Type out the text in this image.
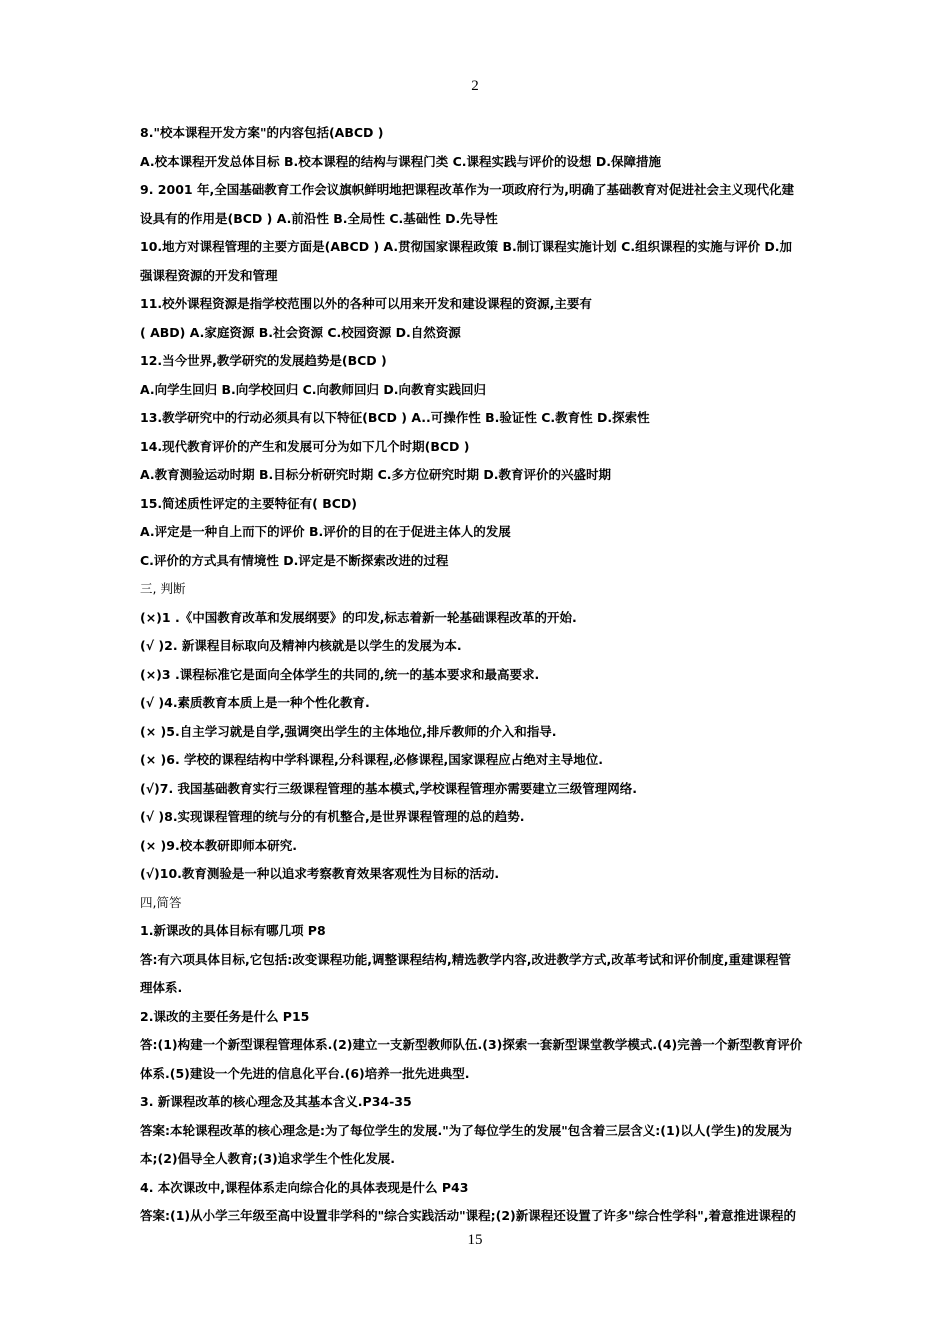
2
8."校本课程开发方案"的内容包括(ABCD )
A.校本课程开发总体目标 B.校本课程的结构与课程门类 C.课程实践与评价的设想 D.保障措施
9. 2001 年,全国基础教育工作会议旗帜鲜明地把课程改革作为一项政府行为,明确了基础教育对促进社会主义现代化建
设具有的作用是(BCD ) A.前沿性 B.全局性 C.基础性 D.先导性
10.地方对课程管理的主要方面是(ABCD ) A.贯彻国家课程政策 B.制订课程实施计划 C.组织课程的实施与评价 D.加
强课程资源的开发和管理
11.校外课程资源是指学校范围以外的各种可以用来开发和建设课程的资源,主要有
( ABD) A.家庭资源 B.社会资源 C.校园资源 D.自然资源
12.当今世界,教学研究的发展趋势是(BCD )
A.向学生回归 B.向学校回归 C.向教师回归 D.向教育实践回归
13.教学研究中的行动必须具有以下特征(BCD ) A..可操作性 B.验证性 C.教育性 D.探索性
14.现代教育评价的产生和发展可分为如下几个时期(BCD )
A.教育测验运动时期 B.目标分析研究时期 C.多方位研究时期 D.教育评价的兴盛时期
15.简述质性评定的主要特征有( BCD)
A.评定是一种自上而下的评价 B.评价的目的在于促进主体人的发展
C.评价的方式具有情境性 D.评定是不断探索改进的过程
三, 判断
(×)1 .《中国教育改革和发展纲要》的印发,标志着新一轮基础课程改革的开始.
(√ )2. 新课程目标取向及精神内核就是以学生的发展为本.
(×)3 .课程标准它是面向全体学生的共同的,统一的基本要求和最高要求.
(√ )4.素质教育本质上是一种个性化教育.
(× )5.自主学习就是自学,强调突出学生的主体地位,排斥教师的介入和指导.
(× )6. 学校的课程结构中学科课程,分科课程,必修课程,国家课程应占绝对主导地位.
(√)7. 我国基础教育实行三级课程管理的基本模式,学校课程管理亦需要建立三级管理网络.
(√ )8.实现课程管理的统与分的有机整合,是世界课程管理的总的趋势.
(× )9.校本教研即师本研究.
(√)10.教育测验是一种以追求考察教育效果客观性为目标的活动.
四,简答
1.新课改的具体目标有哪几项 P8
答:有六项具体目标,它包括:改变课程功能,调整课程结构,精选教学内容,改进教学方式,改革考试和评价制度,重建课程管
理体系.
2.课改的主要任务是什么 P15
答:(1)构建一个新型课程管理体系.(2)建立一支新型教师队伍.(3)探索一套新型课堂教学模式.(4)完善一个新型教育评价
体系.(5)建设一个先进的信息化平台.(6)培养一批先进典型.
3. 新课程改革的核心理念及其基本含义.P34-35
答案:本轮课程改革的核心理念是:为了每位学生的发展."为了每位学生的发展"包含着三层含义:(1)以人(学生)的发展为
本;(2)倡导全人教育;(3)追求学生个性化发展.
4. 本次课改中,课程体系走向综合化的具体表现是什么 P43
答案:(1)从小学三年级至高中设置非学科的"综合实践活动"课程;(2)新课程还设置了许多"综合性学科",着意推进课程的
15
